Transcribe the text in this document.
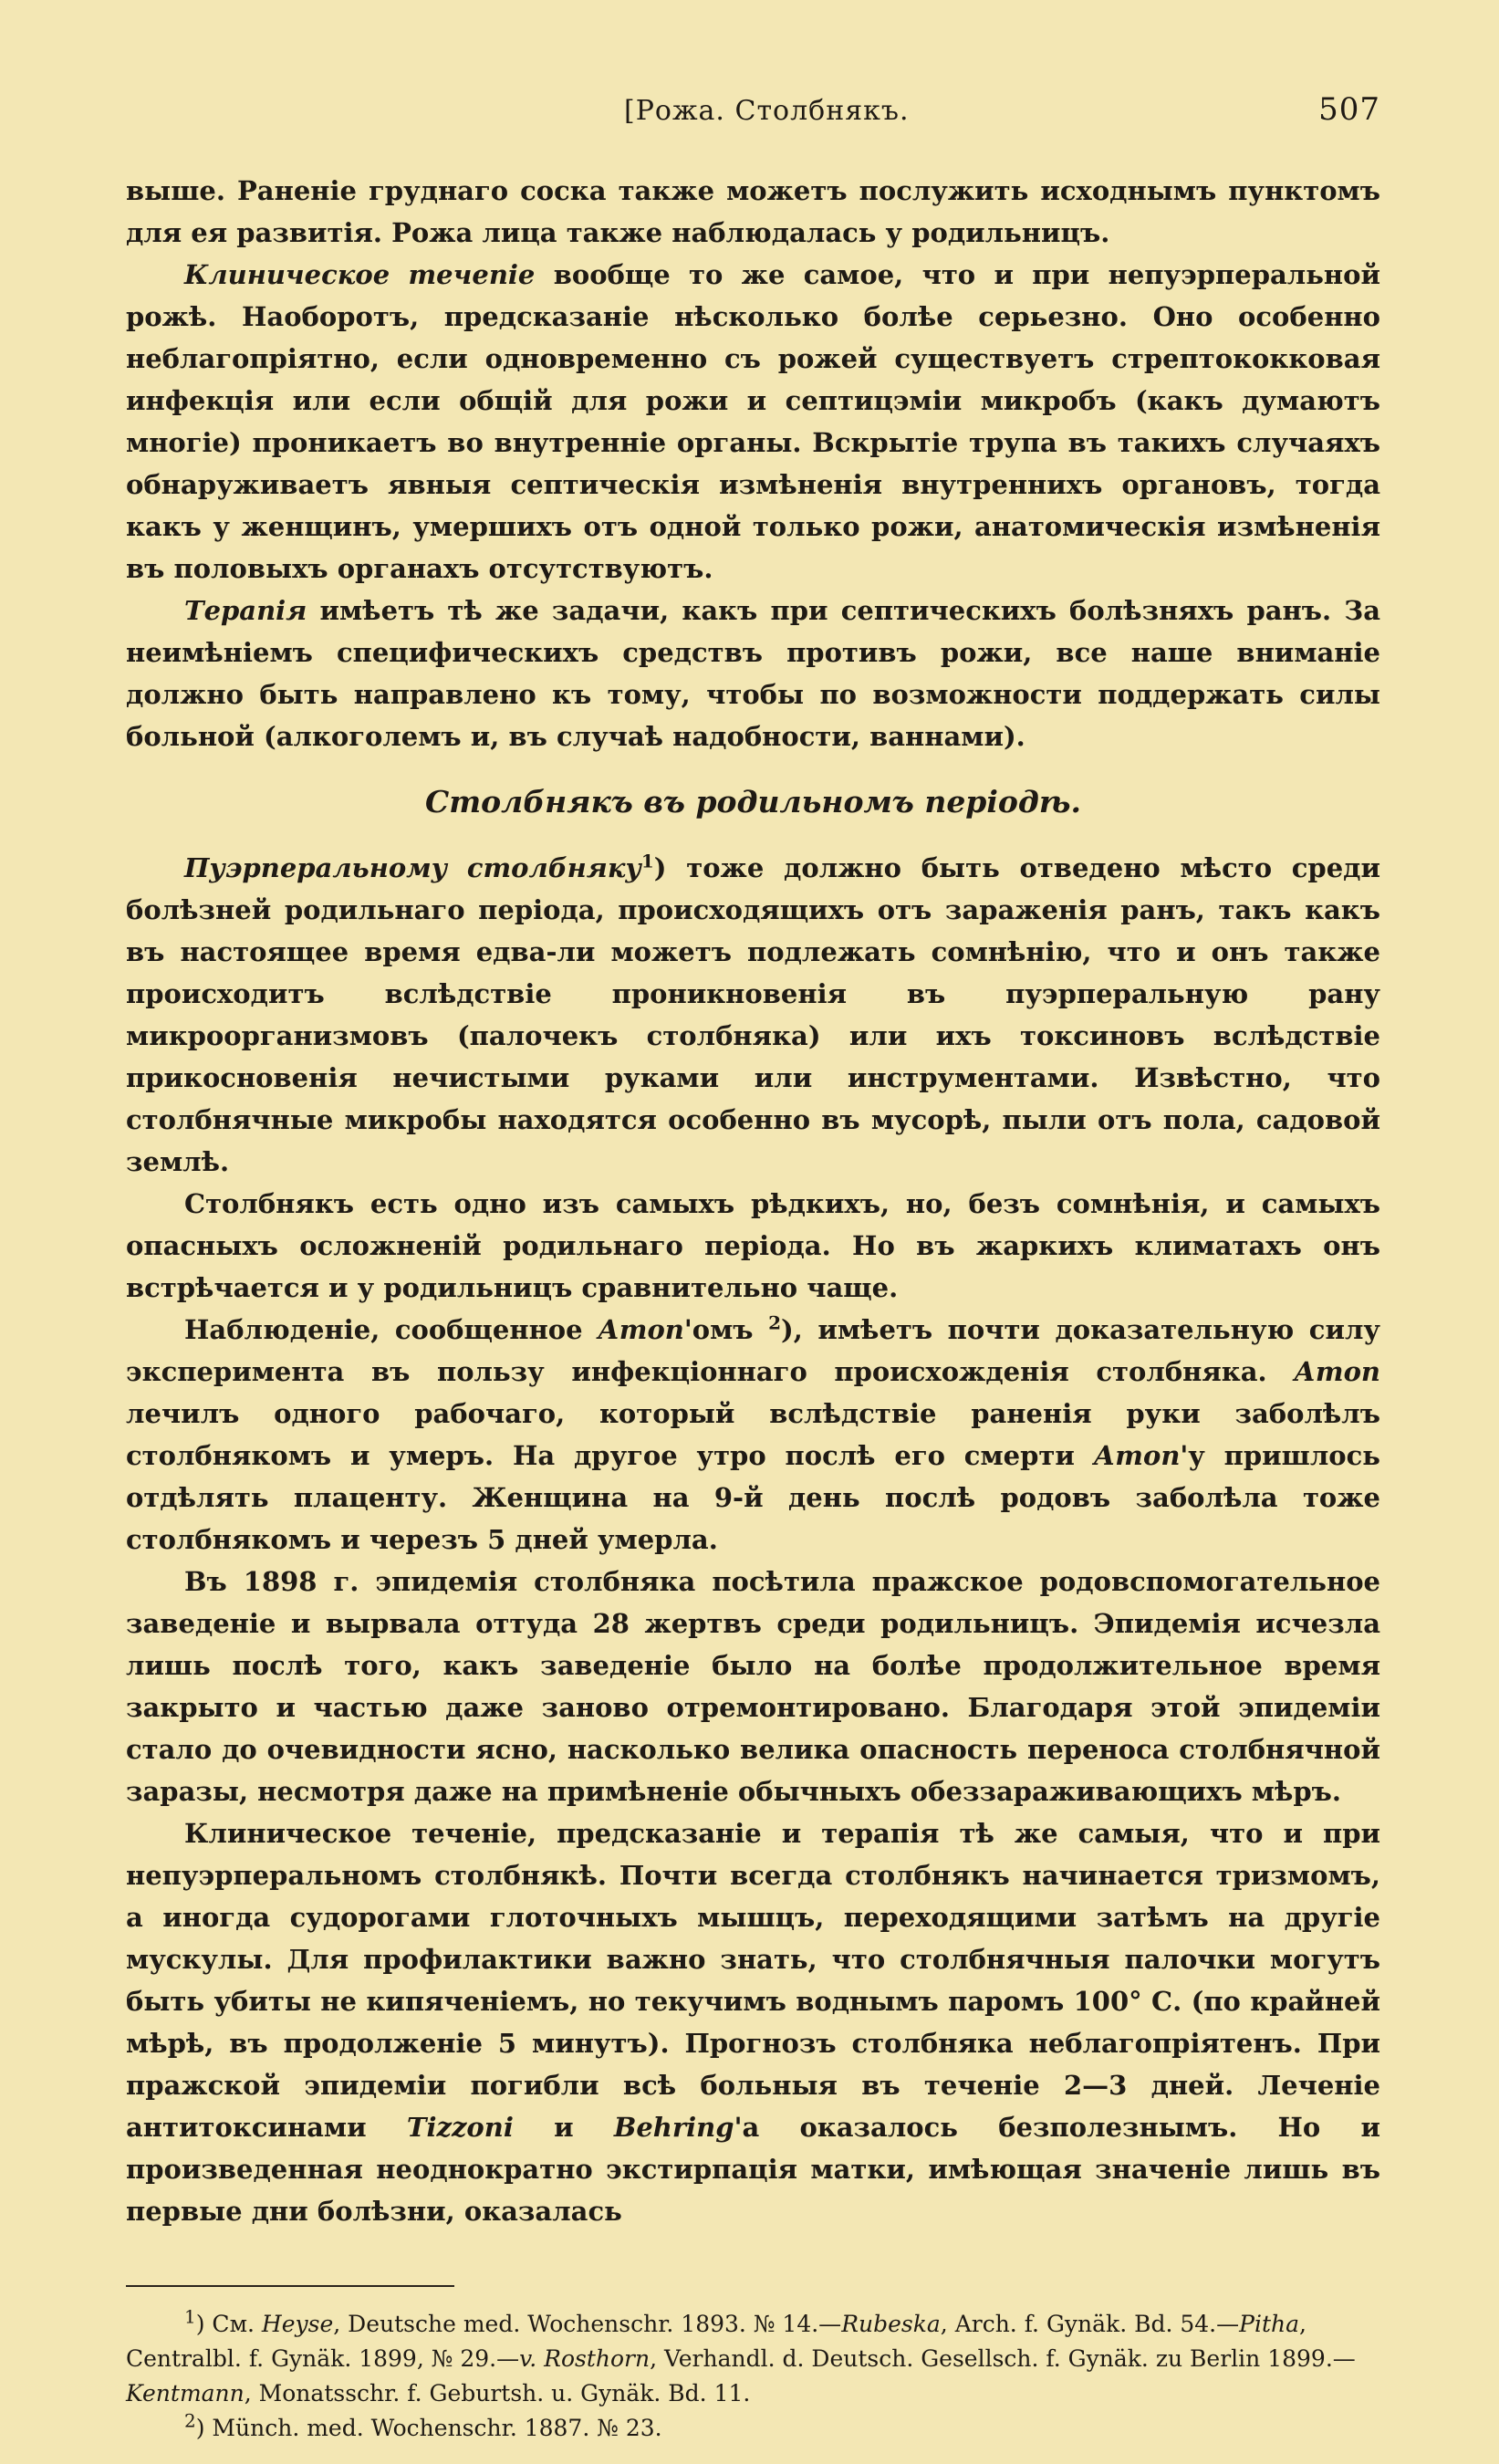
[Рожа. Столбнякъ.	507

выше. Раненіе груднаго соска также можетъ послужить исходнымъ пунктомъ для ея развитія. Рожа лица также наблюдалась у родильницъ.

Клиническое течепіе вообще то же самое, что и при непуэрперальной рожѣ. Наоборотъ, предсказаніе нѣсколько болѣе серьезно. Оно особенно неблагопріятно, если одновременно съ рожей существуетъ стрептококковая инфекція или если общій для рожи и септицэміи микробъ (какъ думаютъ многіе) проникаетъ во внутренніе органы. Вскрытіе трупа въ такихъ случаяхъ обнаруживаетъ явныя септическія измѣненія внутреннихъ органовъ, тогда какъ у женщинъ, умершихъ отъ одной только рожи, анатомическія измѣненія въ половыхъ органахъ отсутствуютъ.

Терапія имѣетъ тѣ же задачи, какъ при септическихъ болѣзняхъ ранъ. За неимѣніемъ специфическихъ средствъ противъ рожи, все наше вниманіе должно быть направлено къ тому, чтобы по возможности поддержать силы больной (алкоголемъ и, въ случаѣ надобности, ваннами).

Столбнякъ въ родильномъ періодѣ.

Пуэрперальному столбняку$^1$) тоже должно быть отведено мѣсто среди болѣзней родильнаго періода, происходящихъ отъ зараженія ранъ, такъ какъ въ настоящее время едва-ли можетъ подлежать сомнѣнію, что и онъ также происходитъ вслѣдствіе проникновенія въ пуэрперальную рану микроорганизмовъ (палочекъ столбняка) или ихъ токсиновъ вслѣдствіе прикосновенія нечистыми руками или инструментами. Извѣстно, что столбнячные микробы находятся особенно въ мусорѣ, пыли отъ пола, садовой землѣ.

Столбнякъ есть одно изъ самыхъ рѣдкихъ, но, безъ сомнѣнія, и самыхъ опасныхъ осложненій родильнаго періода. Но въ жаркихъ климатахъ онъ встрѣчается и у родильницъ сравнительно чаще.

Наблюденіе, сообщенное Атоп'омъ $^2$), имѣетъ почти доказательную силу эксперимента въ пользу инфекціоннаго происхожденія столбняка. Атоп лечилъ одного рабочаго, который вслѣдствіе раненія руки заболѣлъ столбнякомъ и умеръ. На другое утро послѣ его смерти Атоп'у пришлось отдѣлять плаценту. Женщина на 9-й день послѣ родовъ заболѣла тоже столбнякомъ и черезъ 5 дней умерла.

Въ 1898 г. эпидемія столбняка посѣтила пражское родовспомогательное заведеніе и вырвала оттуда 28 жертвъ среди родильницъ. Эпидемія исчезла лишь послѣ того, какъ заведеніе было на болѣе продолжительное время закрыто и частью даже заново отремонтировано. Благодаря этой эпидеміи стало до очевидности ясно, насколько велика опасность переноса столбнячной заразы, несмотря даже на примѣненіе обычныхъ обеззараживающихъ мѣръ.

Клиническое теченіе, предсказаніе и терапія тѣ же самыя, что и при непуэрперальномъ столбнякѣ. Почти всегда столбнякъ начинается тризмомъ, а иногда судорогами глоточныхъ мышцъ, переходящими затѣмъ на другіе мускулы. Для профилактики важно знать, что столбнячныя палочки могутъ быть убиты не кипяченіемъ, но текучимъ воднымъ паромъ 100° С. (по крайней мѣрѣ, въ продолженіе 5 минутъ). Прогнозъ столбняка неблагопріятенъ. При пражской эпидеміи погибли всѣ больныя въ теченіе 2—3 дней. Леченіе антитоксинами Tizzoni и Behring'а оказалось безполезнымъ. Но и произведенная неоднократно экстирпація матки, имѣющая значеніе лишь въ первые дни болѣзни, оказалась

$^1$) См. Heyse, Deutsche med. Wochenschr. 1893. № 14.—Rubeska, Arch. f. Gynäk. Bd. 54.—Pitha, Centralbl. f. Gynäk. 1899, № 29.—v. Rosthorn, Verhandl. d. Deutsch. Gesellsch. f. Gynäk. zu Berlin 1899.—Kentmann, Monatsschr. f. Geburtsh. u. Gynäk. Bd. 11.

$^2$) Münch. med. Wochenschr. 1887. № 23.
